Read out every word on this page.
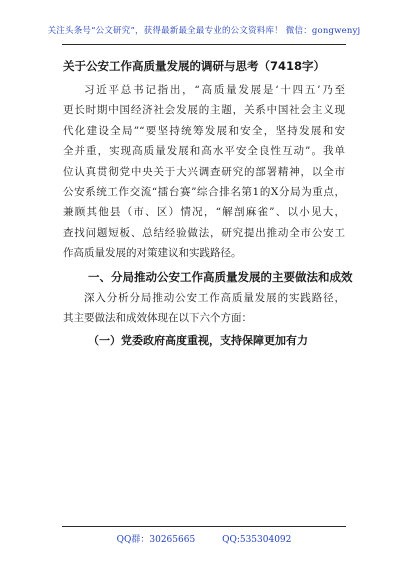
关注头条号“公文研究”，获得最新最全最专业的公文资料库！ 微信：gongwenyj
关于公安工作高质量发展的调研与思考（7418字）
习近平总书记指出，“高质量发展是‘十四五’乃至
更长时期中国经济社会发展的主题，关系中国社会主义现
代化建设全局”“要坚持统筹发展和安全，坚持发展和安
全并重，实现高质量发展和高水平安全良性互动”。我单
位认真贯彻党中央关于大兴调查研究的部署精神，以全市
公安系统工作交流“擂台赛”综合排名第1的X分局为重点，
兼顾其他县（市、区）情况，“解剖麻雀”、以小见大，
查找问题短板、总结经验做法，研究提出推动全市公安工
作高质量发展的对策建议和实践路径。
一、分局推动公安工作高质量发展的主要做法和成效
深入分析分局推动公安工作高质量发展的实践路径，
其主要做法和成效体现在以下六个方面：
（一）党委政府高度重视，支持保障更加有力
QQ群：30265665	QQ:535304092
